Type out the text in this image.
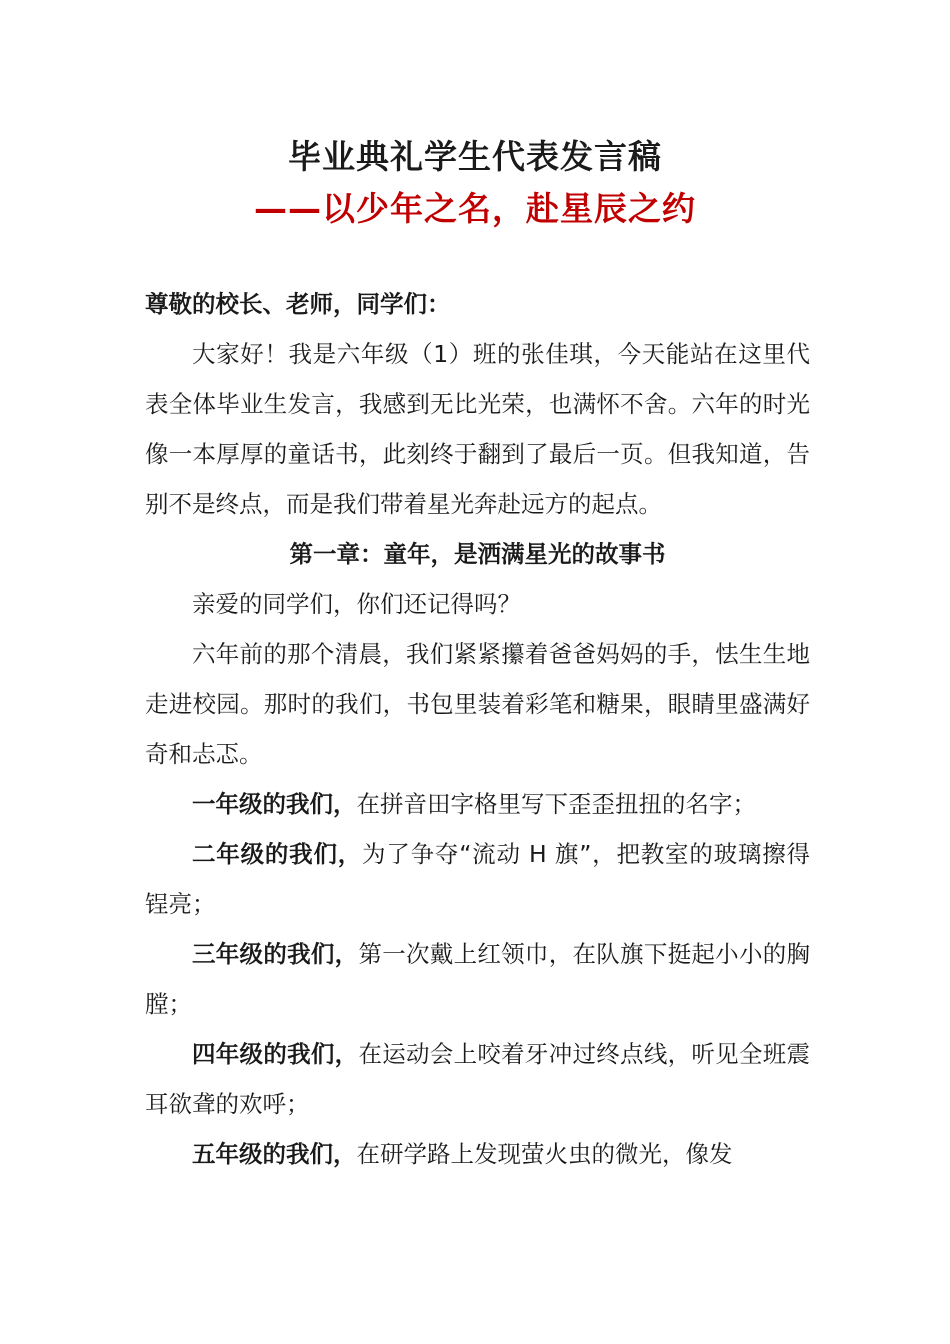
毕业典礼学生代表发言稿
——以少年之名，赴星辰之约

尊敬的校长、老师，同学们：

大家好！我是六年级（1）班的张佳琪，今天能站在这里代表全体毕业生发言，我感到无比光荣，也满怀不舍。六年的时光像一本厚厚的童话书，此刻终于翻到了最后一页。但我知道，告别不是终点，而是我们带着星光奔赴远方的起点。

第一章：童年，是洒满星光的故事书

亲爱的同学们，你们还记得吗？

六年前的那个清晨，我们紧紧攥着爸爸妈妈的手，怯生生地走进校园。那时的我们，书包里装着彩笔和糖果，眼睛里盛满好奇和忐忑。

一年级的我们，在拼音田字格里写下歪歪扭扭的名字；

二年级的我们，为了争夺“流动 H 旗”，把教室的玻璃擦得锃亮；

三年级的我们，第一次戴上红领巾，在队旗下挺起小小的胸膛；

四年级的我们，在运动会上咬着牙冲过终点线，听见全班震耳欲聋的欢呼；

五年级的我们，在研学路上发现萤火虫的微光，像发
